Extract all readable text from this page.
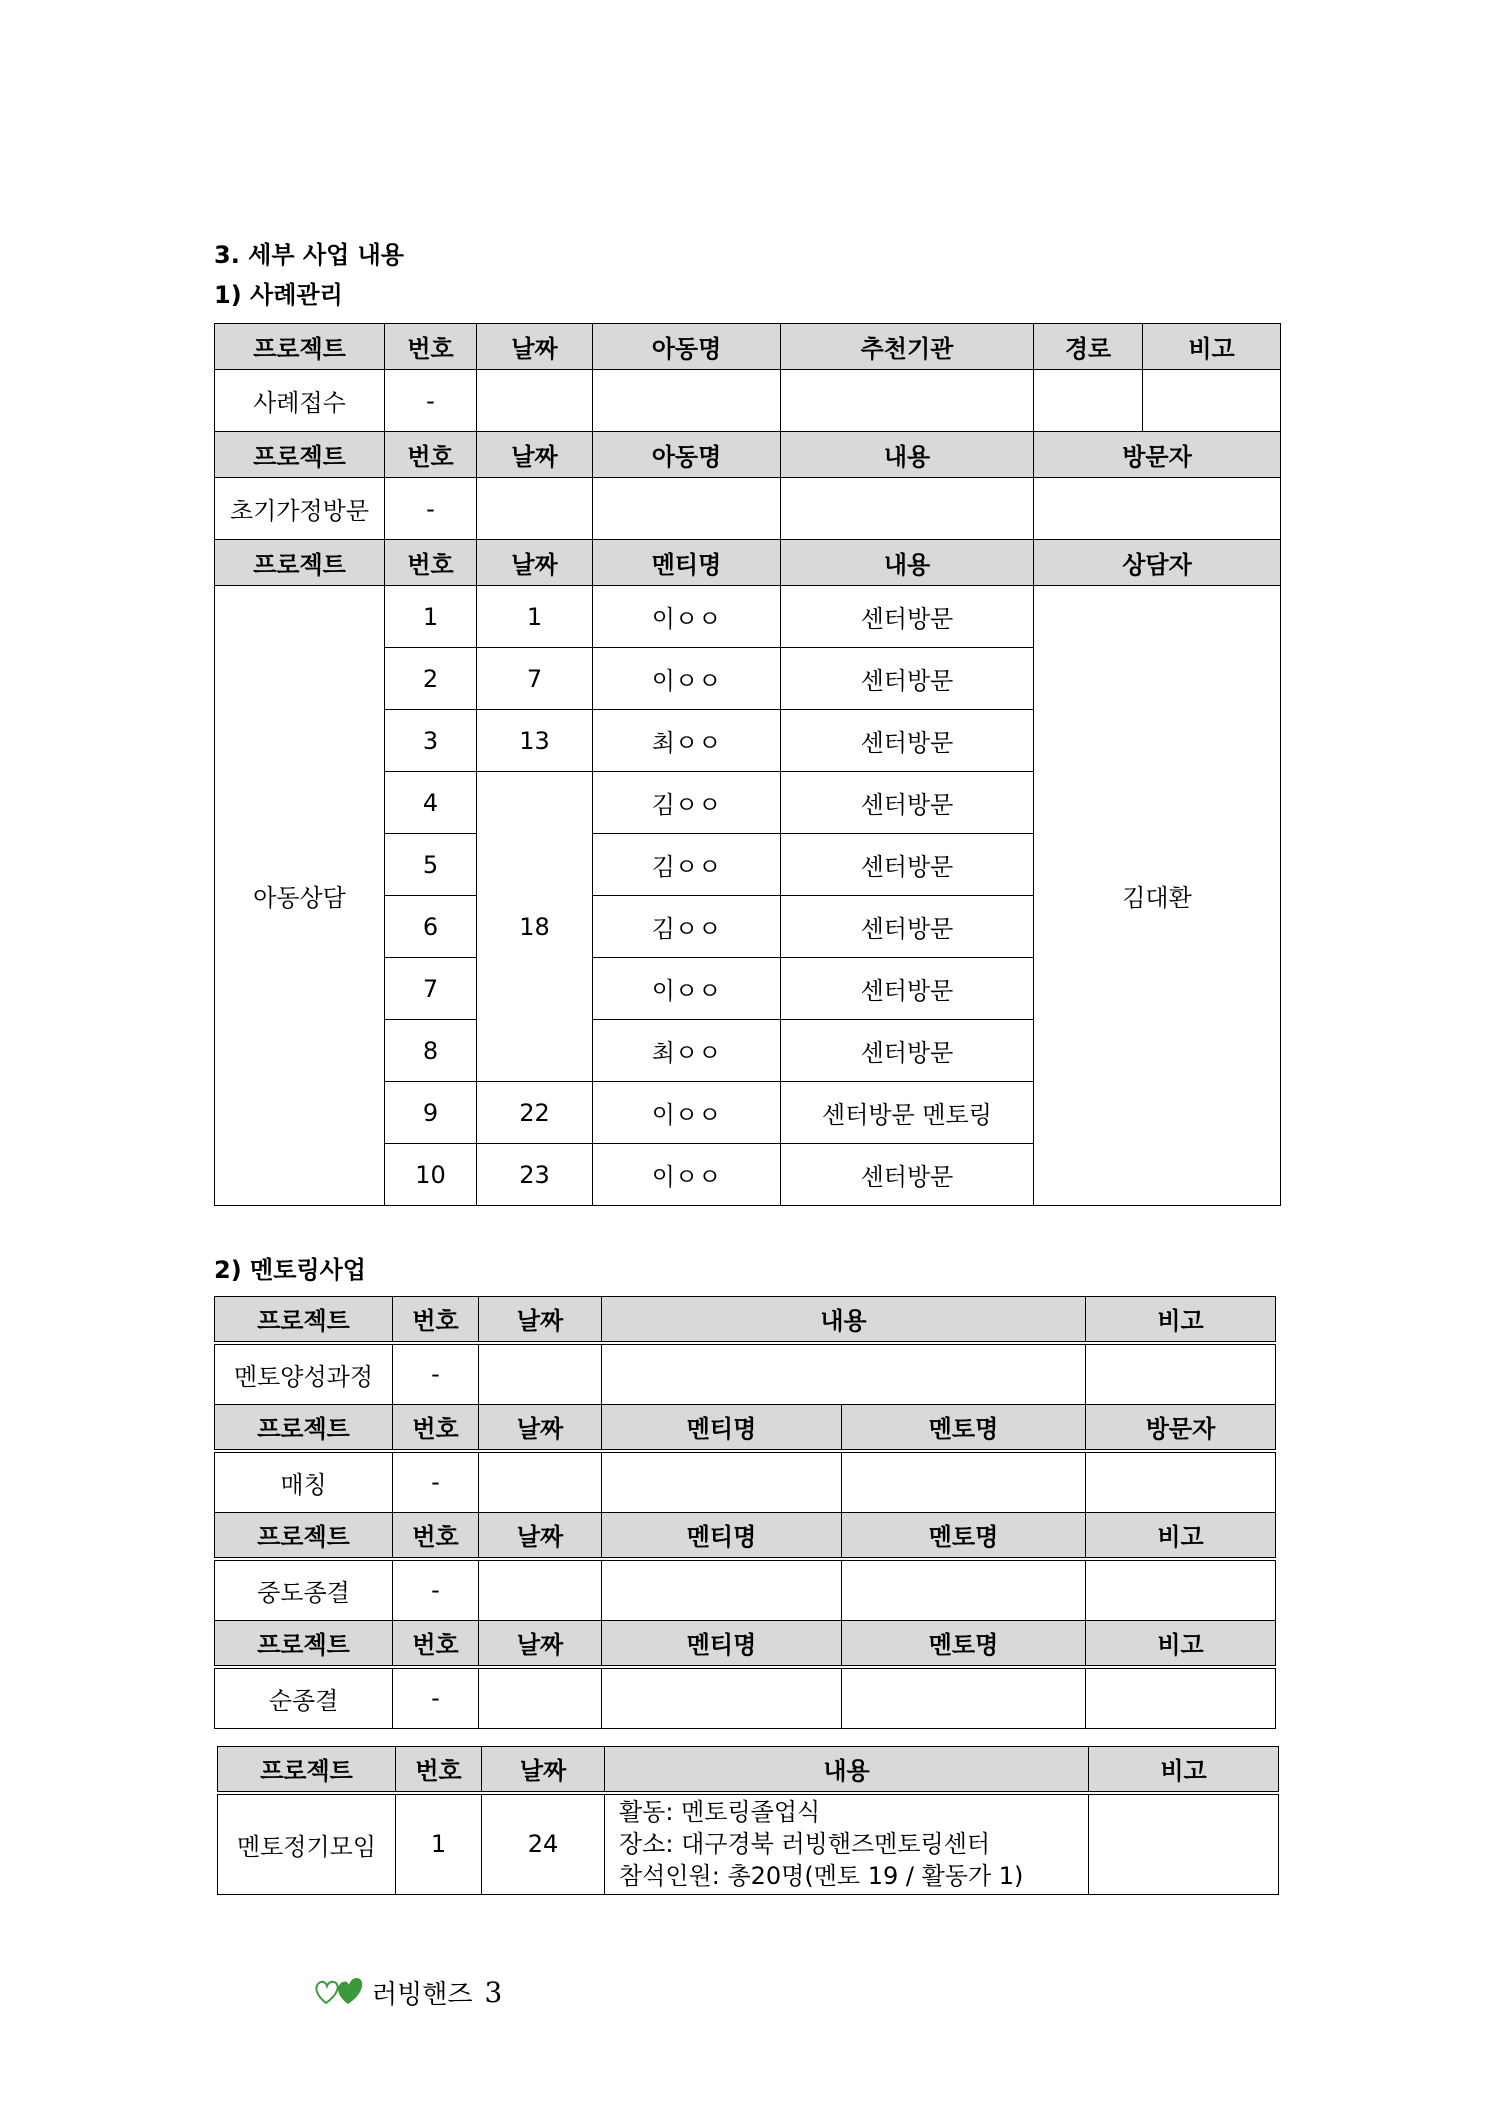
3. 세부 사업 내용
1) 사례관리
프로젝트	번호	날짜	아동명	추천기관	경로	비고
사례접수	-					
프로젝트	번호	날짜	아동명	내용	방문자	
초기가정방문	-					
프로젝트	번호	날짜	멘티명	내용	상담자	
아동상담	1	1	이ㅇㅇ	센터방문	김대환	
	2	7	이ㅇㅇ	센터방문		
	3	13	최ㅇㅇ	센터방문		
	4	18	김ㅇㅇ	센터방문		
	5		김ㅇㅇ	센터방문		
	6		김ㅇㅇ	센터방문		
	7		이ㅇㅇ	센터방문		
	8		최ㅇㅇ	센터방문		
	9	22	이ㅇㅇ	센터방문 멘토링		
	10	23	이ㅇㅇ	센터방문		
2) 멘토링사업
프로젝트	번호	날짜	내용		비고
멘토양성과정	-				
프로젝트	번호	날짜	멘티명	멘토명	방문자
매칭	-				
프로젝트	번호	날짜	멘티명	멘토명	비고
중도종결	-				
프로젝트	번호	날짜	멘티명	멘토명	비고
순종결	-				
프로젝트	번호	날짜	내용	비고
멘토정기모임	1	24	활동: 멘토링졸업식
장소: 대구경북 러빙핸즈멘토링센터
참석인원: 총20명(멘토 19 / 활동가 1)	

러빙핸즈 3
